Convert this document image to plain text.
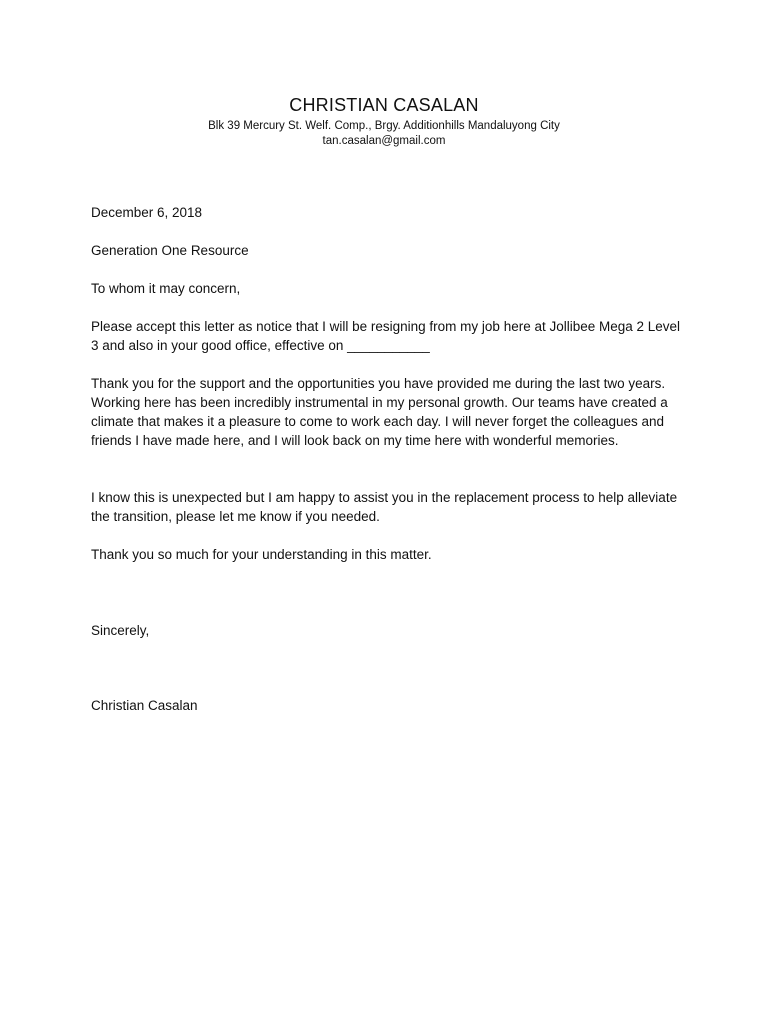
CHRISTIAN CASALAN

Blk 39 Mercury St. Welf. Comp., Brgy. Additionhills Mandaluyong City

tan.casalan@gmail.com

December 6, 2018

Generation One Resource

To whom it may concern,

Please accept this letter as notice that I will be resigning from my job here at Jollibee Mega 2 Level 3 and also in your good office, effective on ___________

Thank you for the support and the opportunities you have provided me during the last two years. Working here has been incredibly instrumental in my personal growth. Our teams have created a climate that makes it a pleasure to come to work each day. I will never forget the colleagues and friends I have made here, and I will look back on my time here with wonderful memories.

I know this is unexpected but I am happy to assist you in the replacement process to help alleviate the transition, please let me know if you needed.

Thank you so much for your understanding in this matter.

Sincerely,

Christian Casalan
